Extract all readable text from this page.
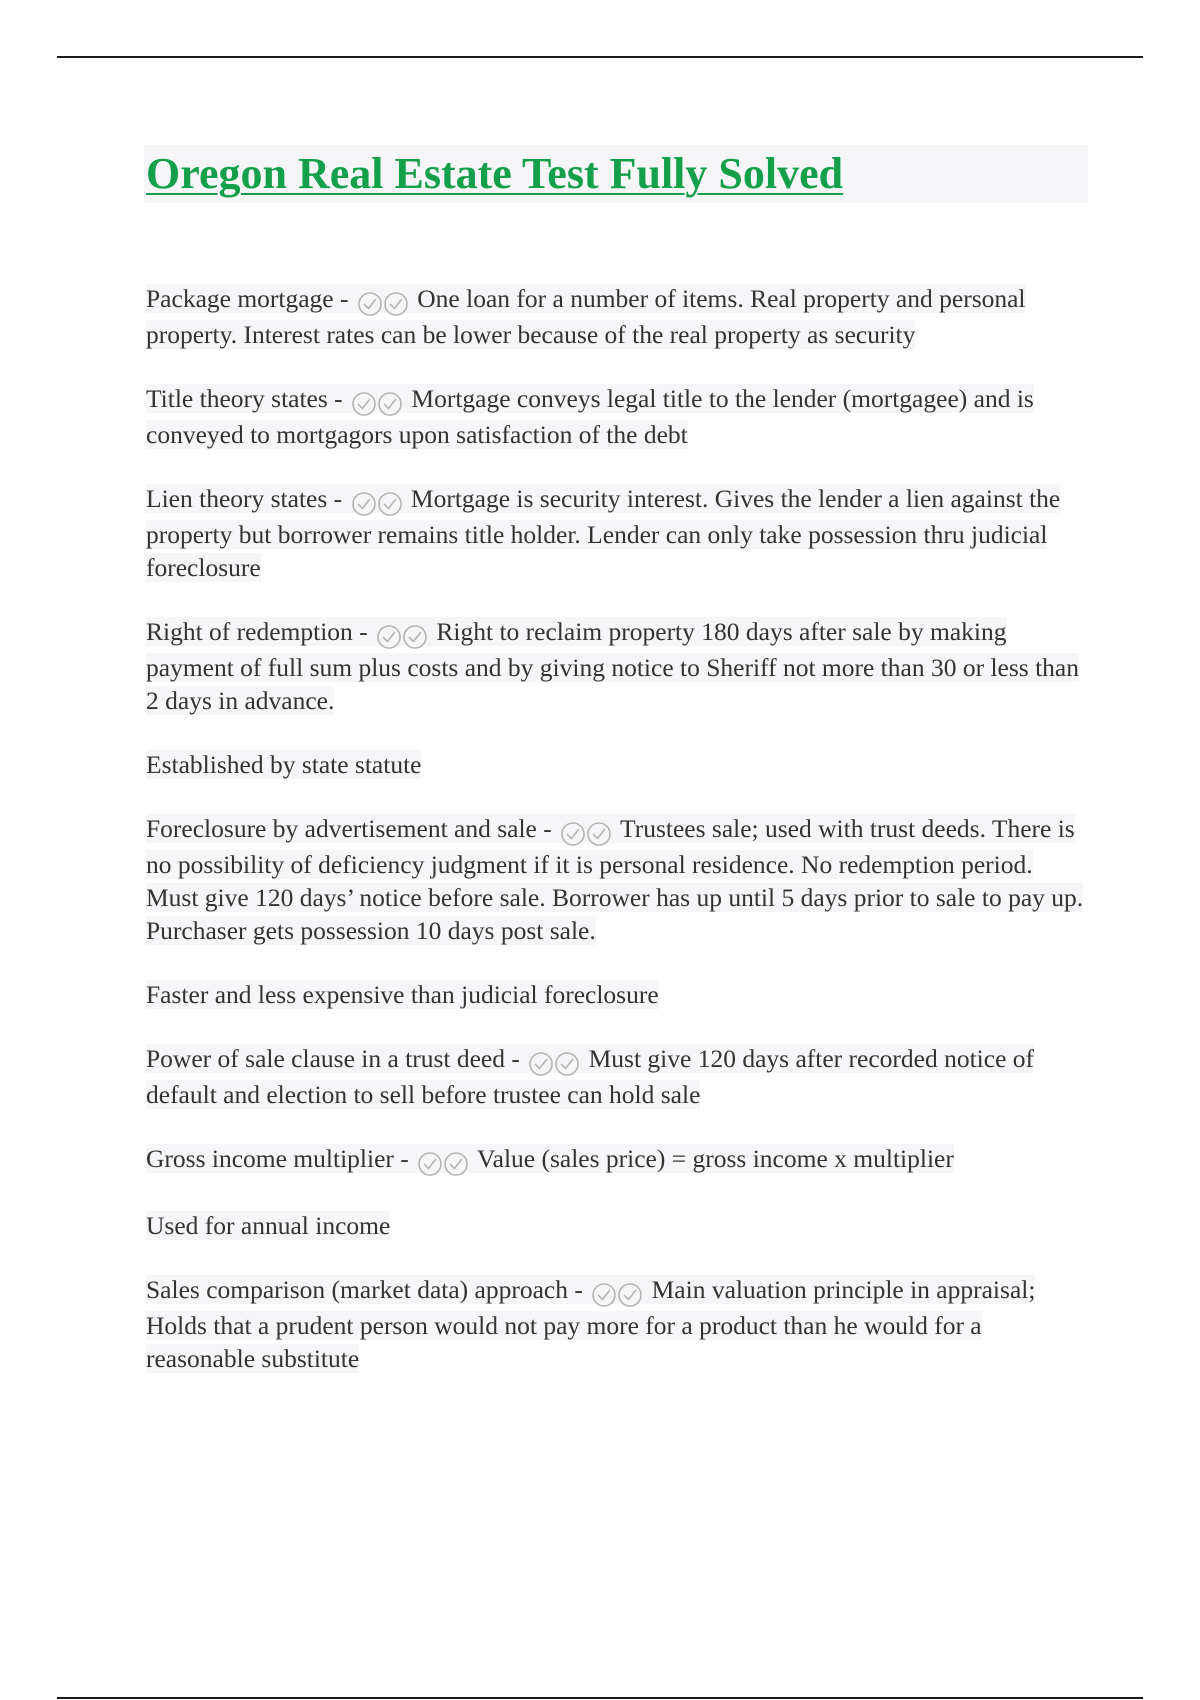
Oregon Real Estate Test Fully Solved

Package mortgage -	One loan for a number of items. Real property and personal property. Interest rates can be lower because of the real property as security

Title theory states -	Mortgage conveys legal title to the lender (mortgagee) and is conveyed to mortgagors upon satisfaction of the debt

Lien theory states -	Mortgage is security interest. Gives the lender a lien against the property but borrower remains title holder. Lender can only take possession thru judicial foreclosure

Right of redemption -	Right to reclaim property 180 days after sale by making payment of full sum plus costs and by giving notice to Sheriff not more than 30 or less than 2 days in advance.

Established by state statute

Foreclosure by advertisement and sale -	Trustees sale; used with trust deeds. There is no possibility of deficiency judgment if it is personal residence. No redemption period. Must give 120 days’ notice before sale. Borrower has up until 5 days prior to sale to pay up. Purchaser gets possession 10 days post sale.

Faster and less expensive than judicial foreclosure

Power of sale clause in a trust deed -	Must give 120 days after recorded notice of default and election to sell before trustee can hold sale

Gross income multiplier -	Value (sales price) = gross income x multiplier

Used for annual income

Sales comparison (market data) approach -	Main valuation principle in appraisal;
Holds that a prudent person would not pay more for a product than he would for a reasonable substitute
